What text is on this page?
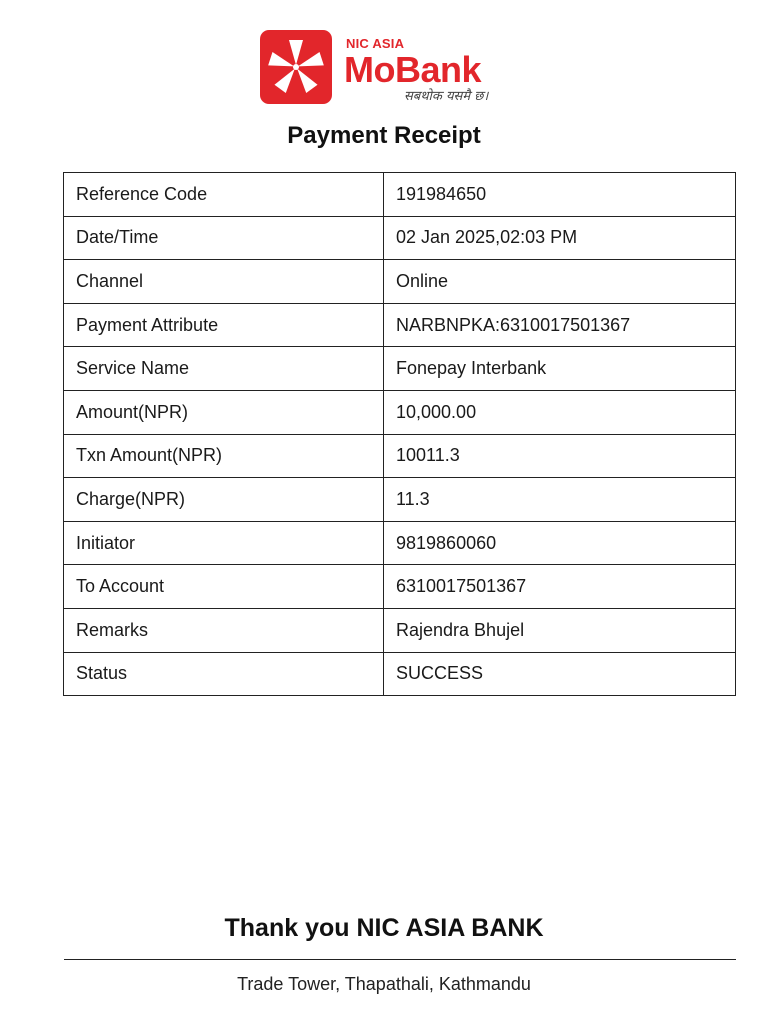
NIC ASIA
MoBank
सबथोक यसमै छ।
Payment Receipt
Reference Code	191984650
Date/Time	02 Jan 2025,02:03 PM
Channel	Online
Payment Attribute	NARBNPKA:6310017501367
Service Name	Fonepay Interbank
Amount(NPR)	10,000.00
Txn Amount(NPR)	10011.3
Charge(NPR)	11.3
Initiator	9819860060
To Account	6310017501367
Remarks	Rajendra Bhujel
Status	SUCCESS
Thank you NIC ASIA BANK
Trade Tower, Thapathali, Kathmandu
